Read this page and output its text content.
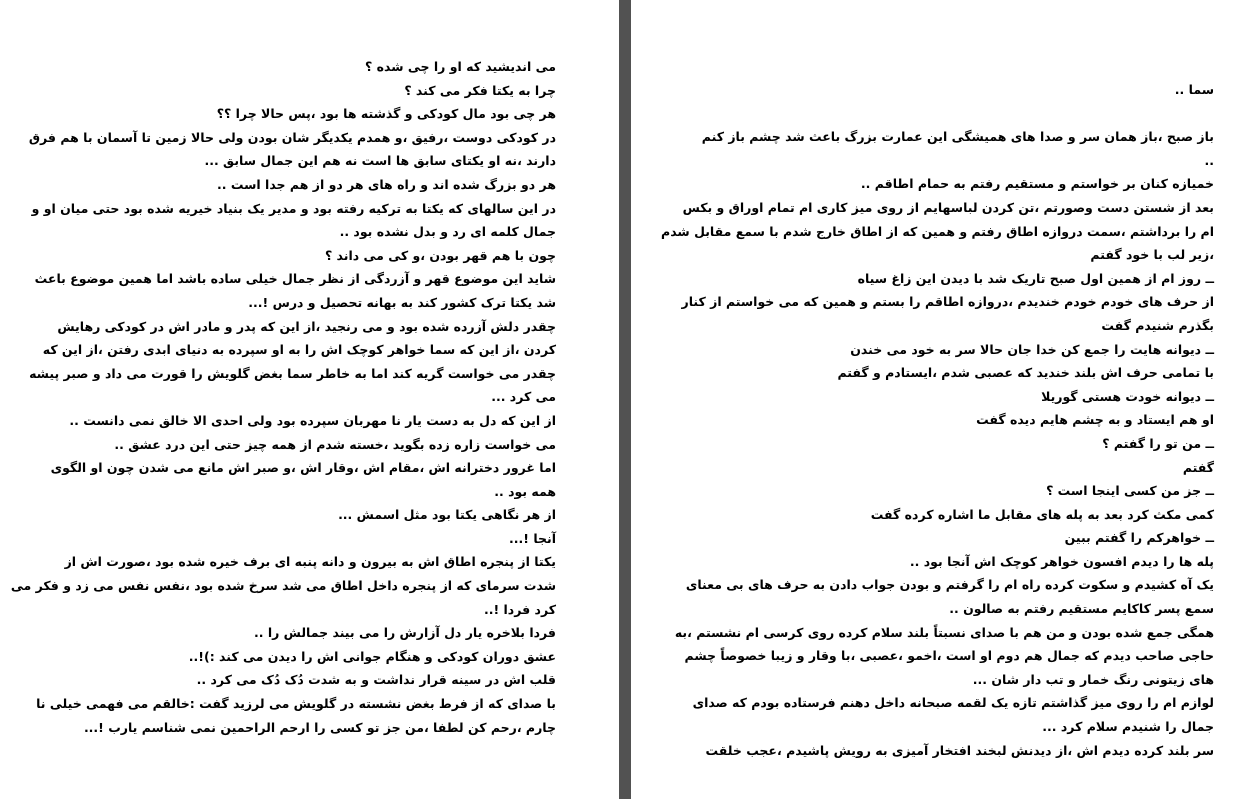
می اندیشید که او را چی شده ؟
چرا به یکتا فکر می کند ؟
هر چی بود مال کودکی و گذشته ها بود ،پس حالا چرا ؟؟
در کودکی دوست ،رفیق ،و همدم یکدیگر شان بودن ولی حالا زمین تا آسمان با هم فرق
دارند ،نه او یکتای سابق ها است نه هم این جمال سابق ...
هر دو بزرگ شده اند و راه های هر دو از هم جدا است ..
در این سالهای که یکتا به ترکیه رفته بود و مدیر یک بنیاد خیریه شده بود حتی میان او و
جمال کلمه ای رد و بدل نشده بود ..
چون با هم قهر بودن ،و کی می داند ؟
شاید این موضوع قهر و آزردگی از نظر جمال خیلی ساده باشد اما همین موضوع باعث
شد یکتا ترک کشور کند به بهانه تحصیل و درس !...
چقدر دلش آزرده شده بود و می رنجید ،از این که پدر و مادر اش در کودکی رهایش
کردن ،از این که سما خواهر کوچک اش را به او سپرده به دنیای ابدی رفتن ،از این که
چقدر می خواست گریه کند اما به خاطر سما بغض گلویش را قورت می داد و صبر پیشه
می کرد ...
از این که دل به دست یار نا مهربان سپرده بود ولی احدی الا خالق نمی دانست ..
می خواست زاره زده بگوید ،خسته شدم از همه چیز حتی این درد عشق ..
اما غرور دخترانه اش ،مقام اش ،وقار اش ،و صبر اش مانع می شدن چون او الگوی
همه بود ..
از هر نگاهی یکتا بود مثل اسمش ...
آنجا !...
یکتا از پنجره اطاق اش به بیرون و دانه پنبه ای برف خیره شده بود ،صورت اش از
شدت سرمای که از پنجره داخل اطاق می شد سرخ شده بود ،نفس نفس می زد و فکر می
کرد فردا !..
فردا بلاخره یار دل آزارش را می بیند جمالش را ..
عشق دوران کودکی و هنگام جوانی اش را دیدن می کند :)!..
قلب اش در سینه قرار نداشت و به شدت دُک دُک می کرد ..
با صدای که از فرط بغض نشسته در گلویش می لرزید گفت :خالقم می فهمی خیلی نا
چارم ،رحم کن لطفا ،من جز تو کسی را ارحم الراحمین نمی شناسم یارب !...
سما ..
باز صبح ،باز همان سر و صدا های همیشگی این عمارت بزرگ باعث شد چشم باز کنم
..
خمیازه کنان بر خواستم و مستقیم رفتم به حمام اطاقم ..
بعد از شستن دست وصورتم ،تن کردن لباسهایم از روی میز کاری ام تمام اوراق و بکس
ام را برداشتم ،سمت دروازه اطاق رفتم و همین که از اطاق خارج شدم با سمع مقابل شدم
،زیر لب با خود گفتم
ــ روز ام از همین اول صبح تاریک شد با دیدن این زاغ سیاه
از حرف های خودم خودم خندیدم ،دروازه اطاقم را بستم و همین که می خواستم از کنار
بگذرم شنیدم گفت
ــ دیوانه هایت را جمع کن خدا جان حالا سر به خود می خندن
با تمامی حرف اش بلند خندید که عصبی شدم ،ایستادم و گفتم
ــ دیوانه خودت هستی گوریلا
او هم ایستاد و به چشم هایم دیده گفت
ــ من تو را گفتم ؟
گفتم
ــ جز من کسی اینجا است ؟
کمی مکث کرد بعد به پله های مقابل ما اشاره کرده گفت
ــ خواهرکم را گفتم ببین
پله ها را دیدم افسون خواهر کوچک اش آنجا بود ..
یک آه کشیدم و سکوت کرده راه ام را گرفتم و بودن جواب دادن به حرف های بی معنای
سمع پسر کاکایم مستقیم رفتم به صالون ..
همگی جمع شده بودن و من هم با صدای نسبتاً بلند سلام کرده روی کرسی ام نشستم ،به
حاجی صاحب دیدم که جمال هم دوم او است ،اخمو ،عصبی ،با وقار و زیبا خصوصاً چشم
های زیتونی رنگ خمار و تب دار شان ...
لوازم ام را روی میز گذاشتم تازه یک لقمه صبحانه داخل دهنم فرستاده بودم که صدای
جمال را شنیدم سلام کرد ...
سر بلند کرده دیدم اش ،از دیدنش لبخند افتخار آمیزی به رویش پاشیدم ،عجب خلقت
